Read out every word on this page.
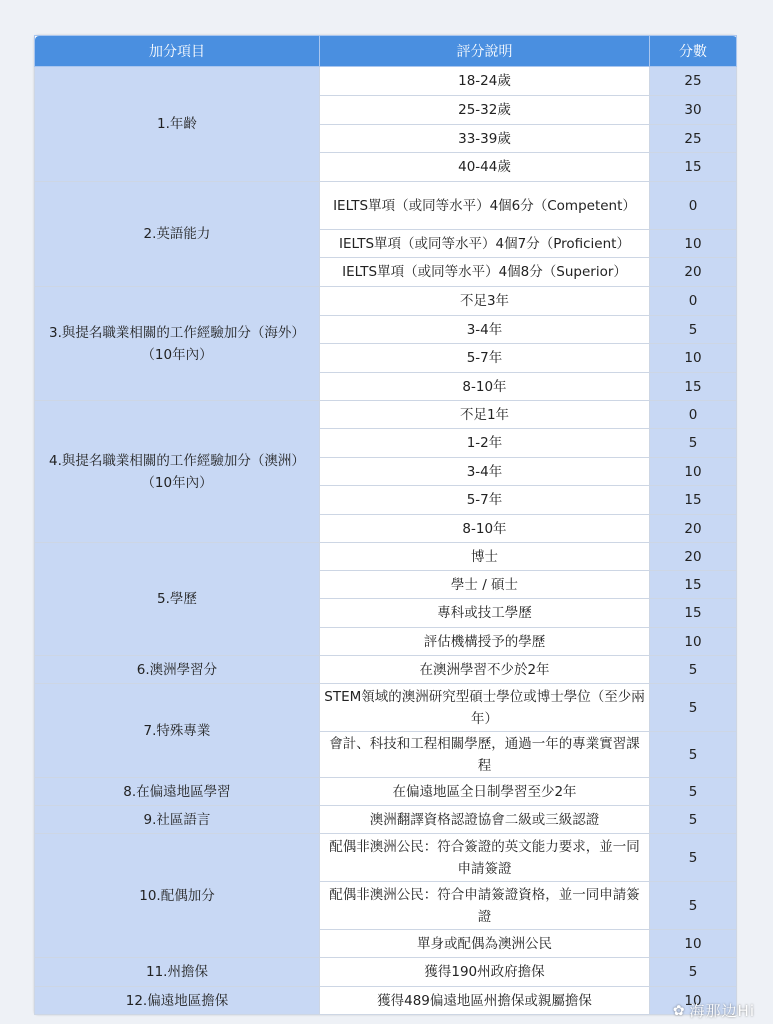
加分項目	評分說明	分數
1.年齡	18-24歲	25
	25-32歲	30
	33-39歲	25
	40-44歲	15
2.英語能力	IELTS單項（或同等水平）4個6分（Competent）	0
	IELTS單項（或同等水平）4個7分（Proficient）	10
	IELTS單項（或同等水平）4個8分（Superior）	20
3.與提名職業相關的工作經驗加分（海外）（10年內）	不足3年	0
	3-4年	5
	5-7年	10
	8-10年	15
4.與提名職業相關的工作經驗加分（澳洲）（10年內）	不足1年	0
	1-2年	5
	3-4年	10
	5-7年	15
	8-10年	20
5.學歷	博士	20
	學士 / 碩士	15
	專科或技工學歷	15
	評估機構授予的學歷	10
6.澳洲學習分	在澳洲學習不少於2年	5
7.特殊專業	STEM領域的澳洲研究型碩士學位或博士學位（至少兩年）	5
	會計、科技和工程相關學歷，通過一年的專業實習課程	5
8.在偏遠地區學習	在偏遠地區全日制學習至少2年	5
9.社區語言	澳洲翻譯資格認證協會二級或三級認證	5
10.配偶加分	配偶非澳洲公民：符合簽證的英文能力要求，並一同申請簽證	5
	配偶非澳洲公民：符合申請簽證資格，並一同申請簽證	5
	單身或配偶為澳洲公民	10
11.州擔保	獲得190州政府擔保	5
12.偏遠地區擔保	獲得489偏遠地區州擔保或親屬擔保	10
✿ 海那边Hi
